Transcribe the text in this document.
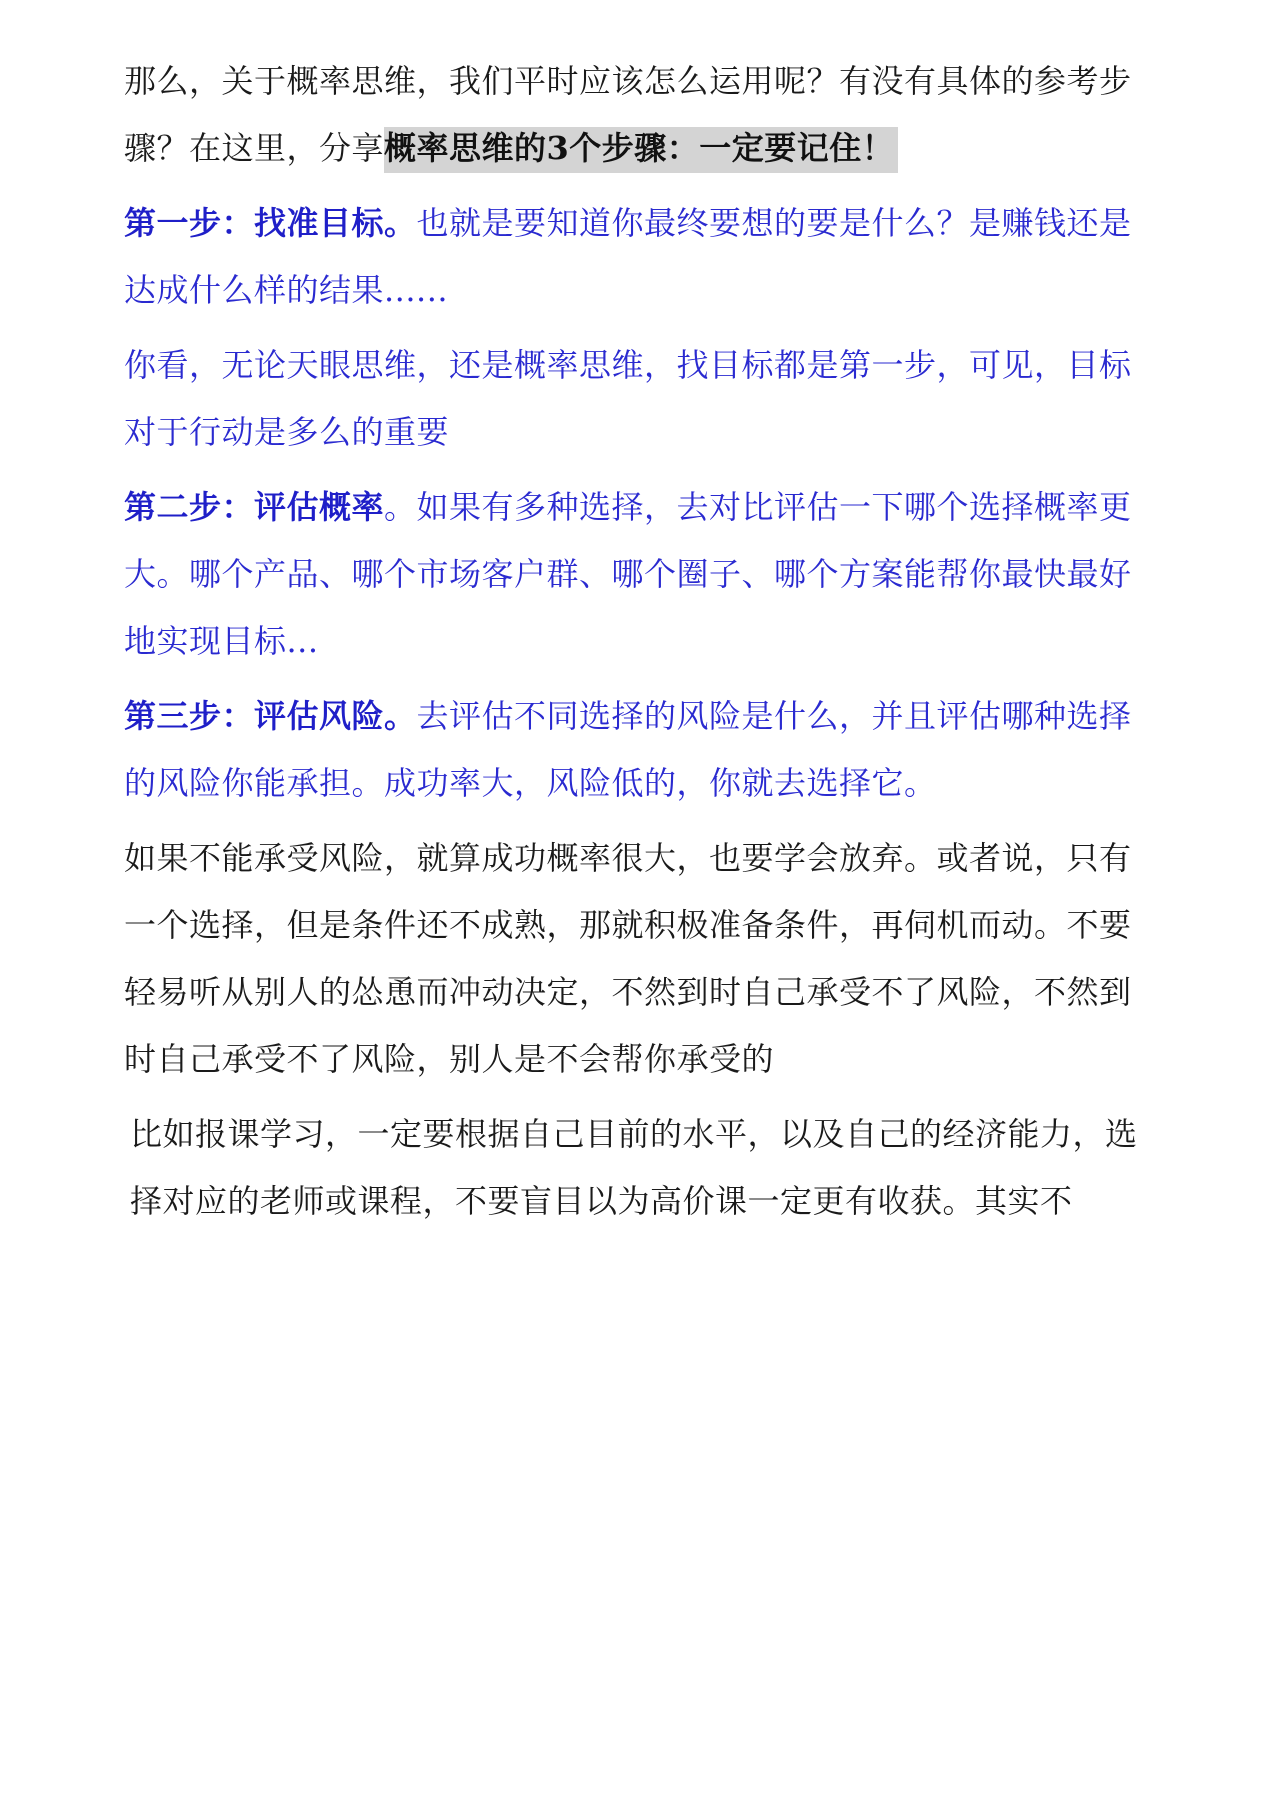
那么，关于概率思维，我们平时应该怎么运用呢？有没有具体的参考步骤？在这里，分享概率思维的3个步骤：一定要记住！

第一步：找准目标。也就是要知道你最终要想的要是什么？是赚钱还是达成什么样的结果......

你看，无论天眼思维，还是概率思维，找目标都是第一步，可见，目标对于行动是多么的重要

第二步：评估概率。如果有多种选择，去对比评估一下哪个选择概率更大。哪个产品、哪个市场客户群、哪个圈子、哪个方案能帮你最快最好地实现目标...

第三步：评估风险。去评估不同选择的风险是什么，并且评估哪种选择的风险你能承担。成功率大，风险低的，你就去选择它。

如果不能承受风险，就算成功概率很大，也要学会放弃。或者说，只有一个选择，但是条件还不成熟，那就积极准备条件，再伺机而动。不要轻易听从别人的怂恿而冲动决定，不然到时自己承受不了风险，不然到时自己承受不了风险，别人是不会帮你承受的

比如报课学习，一定要根据自己目前的水平，以及自己的经济能力，选择对应的老师或课程，不要盲目以为高价课一定更有收获。其实不
